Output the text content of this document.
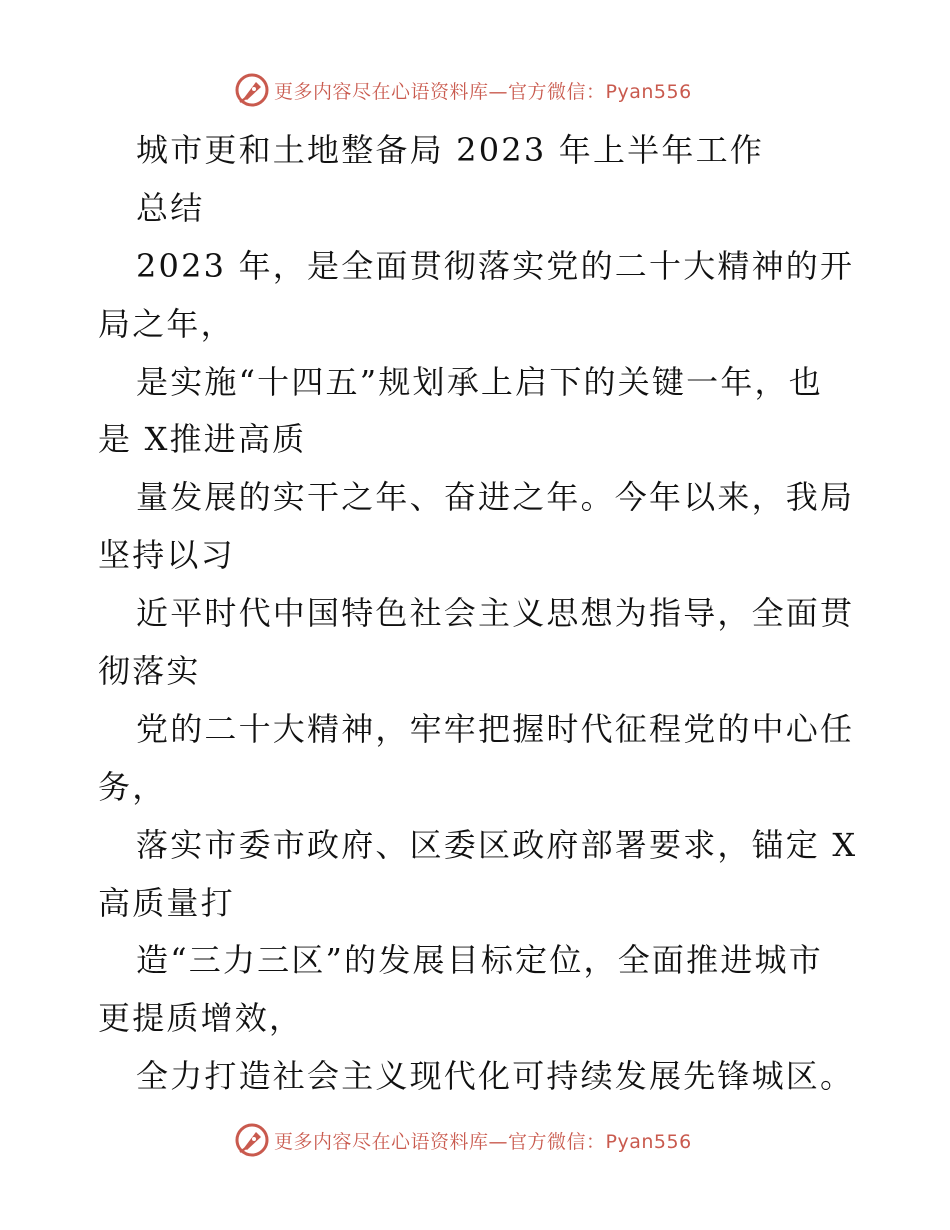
更多内容尽在心语资料库—官方微信：Pyan556
城市更和土地整备局 2023 年上半年工作
总结
2023 年，是全面贯彻落实党的二十大精神的开
局之年，
是实施“十四五”规划承上启下的关键一年，也
是 X推进高质
量发展的实干之年、奋进之年。今年以来，我局
坚持以习
近平时代中国特色社会主义思想为指导，全面贯
彻落实
党的二十大精神，牢牢把握时代征程党的中心任
务，
落实市委市政府、区委区政府部署要求，锚定 X
高质量打
造“三力三区”的发展目标定位，全面推进城市
更提质增效，
全力打造社会主义现代化可持续发展先锋城区。
更多内容尽在心语资料库—官方微信：Pyan556
